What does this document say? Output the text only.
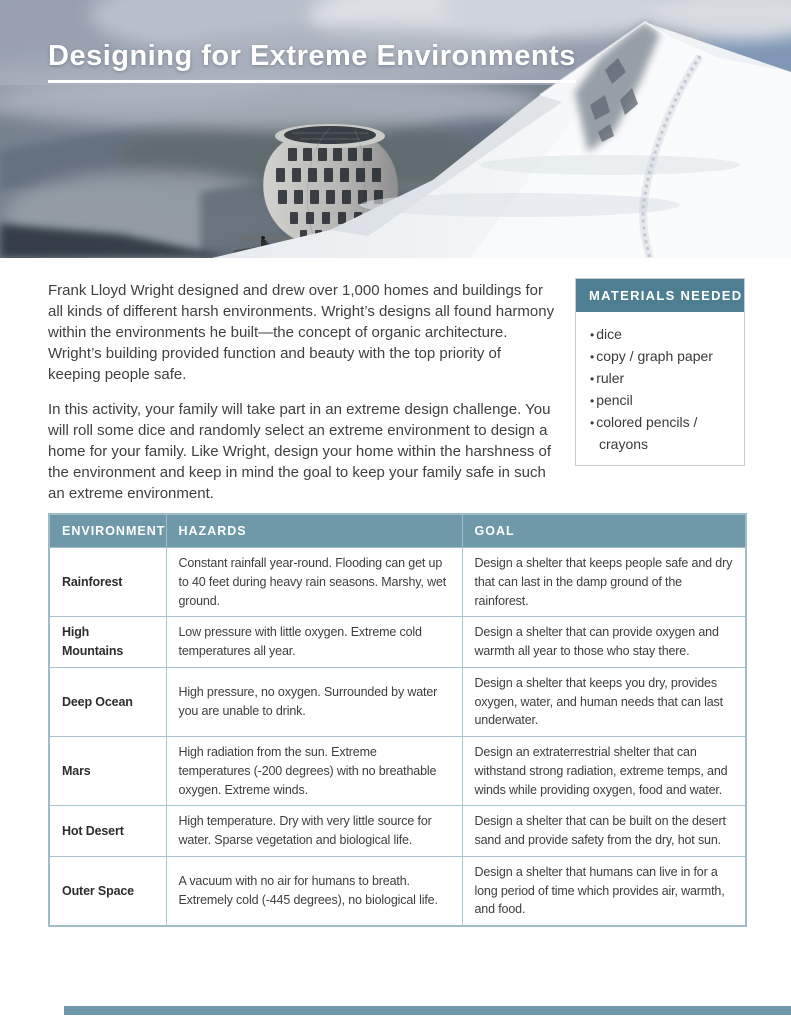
Designing for Extreme Environments

Frank Lloyd Wright designed and drew over 1,000 homes and buildings for all kinds of different harsh environments. Wright’s designs all found harmony within the environments he built—the concept of organic architecture. Wright’s building provided function and beauty with the top priority of keeping people safe.

In this activity, your family will take part in an extreme design challenge. You will roll some dice and randomly select an extreme environment to design a home for your family. Like Wright, design your home within the harshness of the environment and keep in mind the goal to keep your family safe in such an extreme environment.

MATERIALS NEEDED
• dice
• copy / graph paper
• ruler
• pencil
• colored pencils / crayons
ENVIRONMENT	HAZARDS	GOAL
Rainforest	Constant rainfall year-round. Flooding can get up to 40 feet during heavy rain seasons. Marshy, wet ground.	Design a shelter that keeps people safe and dry that can last in the damp ground of the rainforest.
High Mountains	Low pressure with little oxygen. Extreme cold temperatures all year.	Design a shelter that can provide oxygen and warmth all year to those who stay there.
Deep Ocean	High pressure, no oxygen. Surrounded by water you are unable to drink.	Design a shelter that keeps you dry, provides oxygen, water, and human needs that can last underwater.
Mars	High radiation from the sun. Extreme temperatures (-200 degrees) with no breathable oxygen. Extreme winds.	Design an extraterrestrial shelter that can withstand strong radiation, extreme temps, and winds while providing oxygen, food and water.
Hot Desert	High temperature. Dry with very little source for water. Sparse vegetation and biological life.	Design a shelter that can be built on the desert sand and provide safety from the dry, hot sun.
Outer Space	A vacuum with no air for humans to breath. Extremely cold (-445 degrees), no biological life.	Design a shelter that humans can live in for a long period of time which provides air, warmth, and food.
